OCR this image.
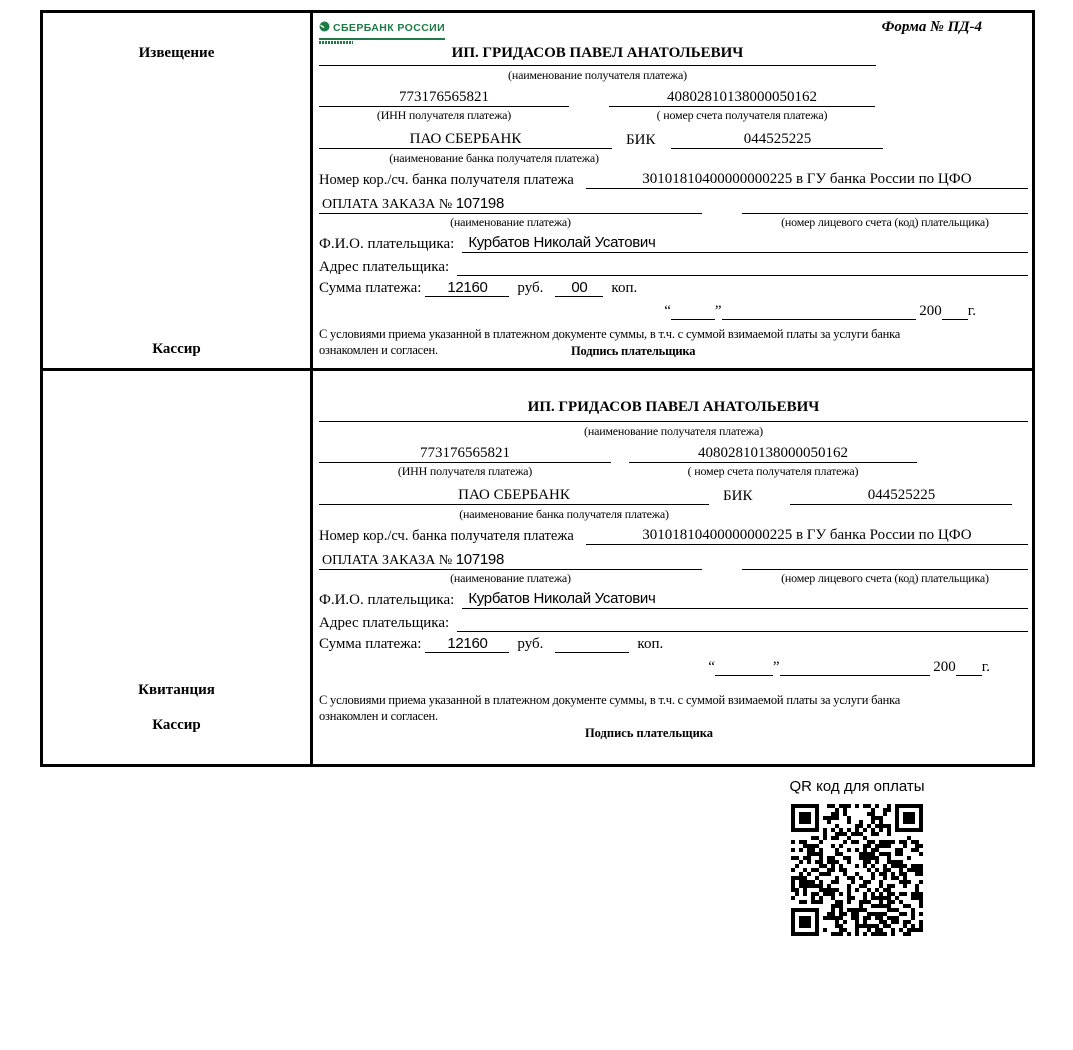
Извещение
Кассир
СБЕРБАНК РОССИИ	Форма № ПД-4
ИП. ГРИДАСОВ ПАВЕЛ АНАТОЛЬЕВИЧ
(наименование получателя платежа)
773176565821	40802810138000050162
(ИНН получателя платежа)	( номер счета получателя платежа)
ПАО СБЕРБАНК	БИК	044525225
(наименование банка получателя платежа)
Номер кор./сч. банка получателя платежа	30101810400000000225 в ГУ банка России по ЦФО
ОПЛАТА ЗАКАЗА № 107198
(наименование платежа)	(номер лицевого счета (код) плательщика)
Ф.И.О. плательщика: Курбатов Николай Усатович
Адрес плательщика:
Сумма платежа:	12160	руб.	00	коп.
“	”	200 г.
С условиями приема указанной в платежном документе суммы, в т.ч. с суммой взимаемой платы за услуги банка ознакомлен и согласен.	Подпись плательщика
Квитанция
Кассир
ИП. ГРИДАСОВ ПАВЕЛ АНАТОЛЬЕВИЧ
(наименование получателя платежа)
773176565821	40802810138000050162
(ИНН получателя платежа)	( номер счета получателя платежа)
ПАО СБЕРБАНК	БИК	044525225
(наименование банка получателя платежа)
Номер кор./сч. банка получателя платежа	30101810400000000225 в ГУ банка России по ЦФО
ОПЛАТА ЗАКАЗА № 107198
(наименование платежа)	(номер лицевого счета (код) плательщика)
Ф.И.О. плательщика: Курбатов Николай Усатович
Адрес плательщика:
Сумма платежа:	12160	руб.	коп.
“	”	200 г.
С условиями приема указанной в платежном документе суммы, в т.ч. с суммой взимаемой платы за услуги банка ознакомлен и согласен.
Подпись плательщика
QR код для оплаты
